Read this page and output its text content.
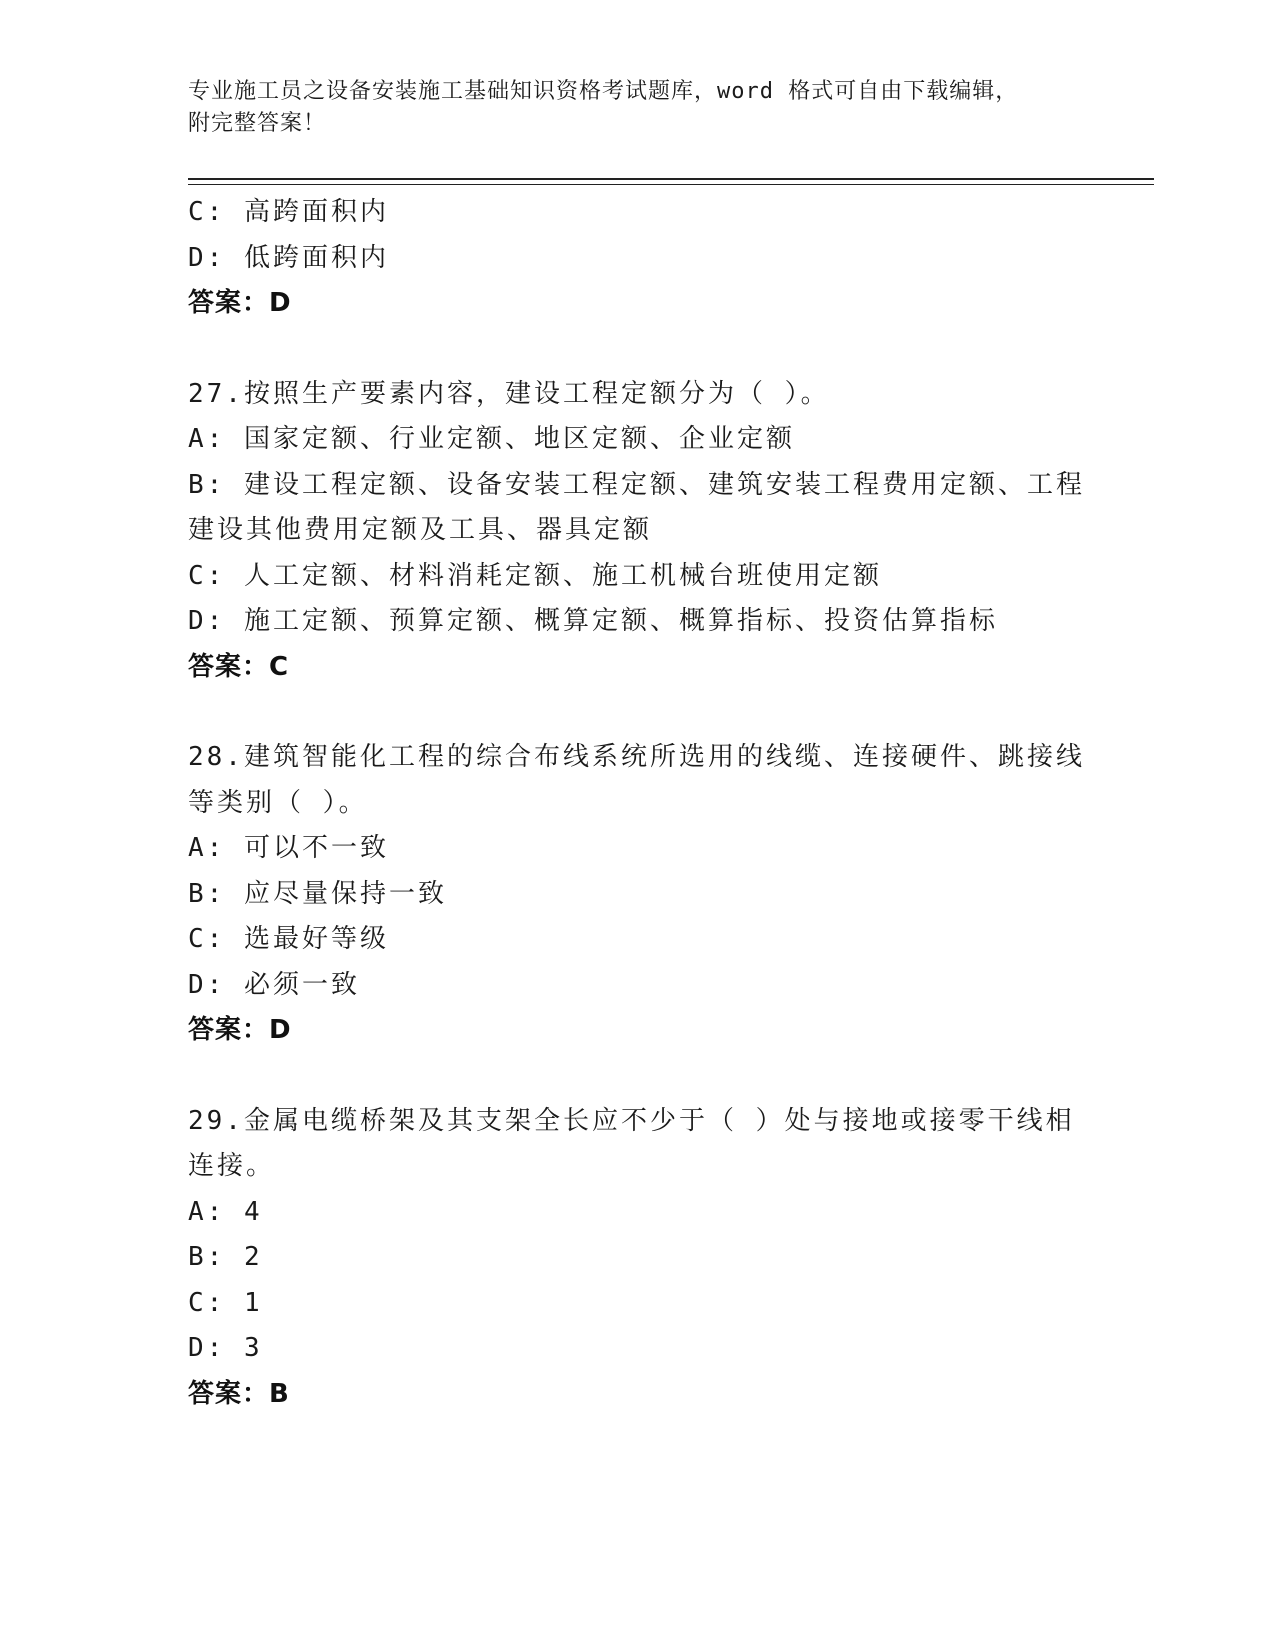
专业施工员之设备安装施工基础知识资格考试题库，word 格式可自由下载编辑，
附完整答案！
C: 高跨面积内
D: 低跨面积内
答案：D
27.按照生产要素内容，建设工程定额分为（ ）。
A: 国家定额、行业定额、地区定额、企业定额
B: 建设工程定额、设备安装工程定额、建筑安装工程费用定额、工程
建设其他费用定额及工具、器具定额
C: 人工定额、材料消耗定额、施工机械台班使用定额
D: 施工定额、预算定额、概算定额、概算指标、投资估算指标
答案：C
28.建筑智能化工程的综合布线系统所选用的线缆、连接硬件、跳接线
等类别（ ）。
A: 可以不一致
B: 应尽量保持一致
C: 选最好等级
D: 必须一致
答案：D
29.金属电缆桥架及其支架全长应不少于（ ）处与接地或接零干线相
连接。
A: 4
B: 2
C: 1
D: 3
答案：B
